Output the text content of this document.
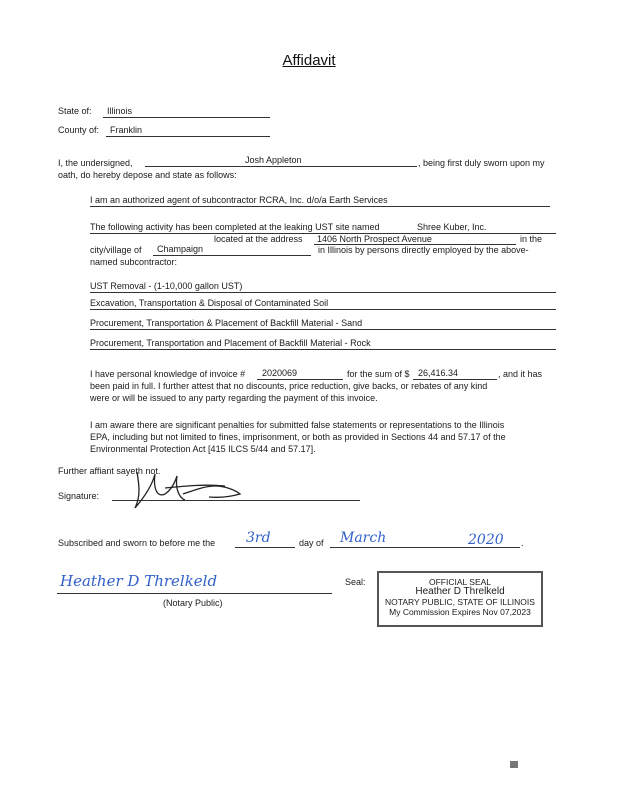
Affidavit
State of: Illinois
County of: Franklin
I, the undersigned,	Josh Appleton	, being first duly sworn upon my
oath, do hereby depose and state as follows:
I am an authorized agent of subcontractor RCRA, Inc. d/o/a Earth Services
The following activity has been completed at the leaking UST site named	Shree Kuber, Inc.
located at the address 1406 North Prospect Avenue	in the
city/village of Champaign	in Illinois by persons directly employed by the above-
named subcontractor:
UST Removal - (1-10,000 gallon UST)
Excavation, Transportation & Disposal of Contaminated Soil
Procurement, Transportation & Placement of Backfill Material - Sand
Procurement, Transportation and Placement of Backfill Material - Rock
I have personal knowledge of invoice # 2020069	for the sum of $ 26,416.34	, and it has
been paid in full. I further attest that no discounts, price reduction, give backs, or rebates of any kind
were or will be issued to any party regarding the payment of this invoice.
I am aware there are significant penalties for submitted false statements or representations to the Illinois
EPA, including but not limited to fines, imprisonment, or both as provided in Sections 44 and 57.17 of the
Environmental Protection Act [415 ILCS 5/44 and 57.17].
Further affiant sayeth not.
Signature:
Subscribed and sworn to before me the 3rd	day of March	2020 .
Heather D Threlkeld
(Notary Public)
Seal:	OFFICIAL SEAL
Heather D Threlkeld
NOTARY PUBLIC, STATE OF ILLINOIS
My Commission Expires Nov 07,2023
